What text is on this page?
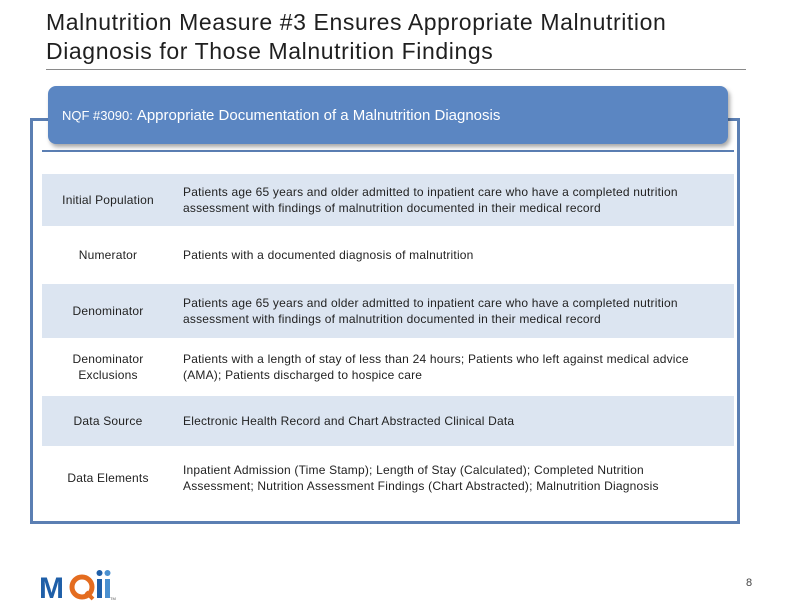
Malnutrition Measure #3 Ensures Appropriate Malnutrition
Diagnosis for Those Malnutrition Findings
NQF #3090: Appropriate Documentation of a Malnutrition Diagnosis
Initial Population	Patients age 65 years and older admitted to inpatient care who have a completed nutrition assessment with findings of malnutrition documented in their medical record
Numerator	Patients with a documented diagnosis of malnutrition
Denominator	Patients age 65 years and older admitted to inpatient care who have a completed nutrition assessment with findings of malnutrition documented in their medical record
Denominator Exclusions	Patients with a length of stay of less than 24 hours; Patients who left against medical advice (AMA); Patients discharged to hospice care
Data Source	Electronic Health Record and Chart Abstracted Clinical Data
Data Elements	Inpatient Admission (Time Stamp); Length of Stay (Calculated); Completed Nutrition Assessment; Nutrition Assessment Findings (Chart Abstracted); Malnutrition Diagnosis
M	TM
8
